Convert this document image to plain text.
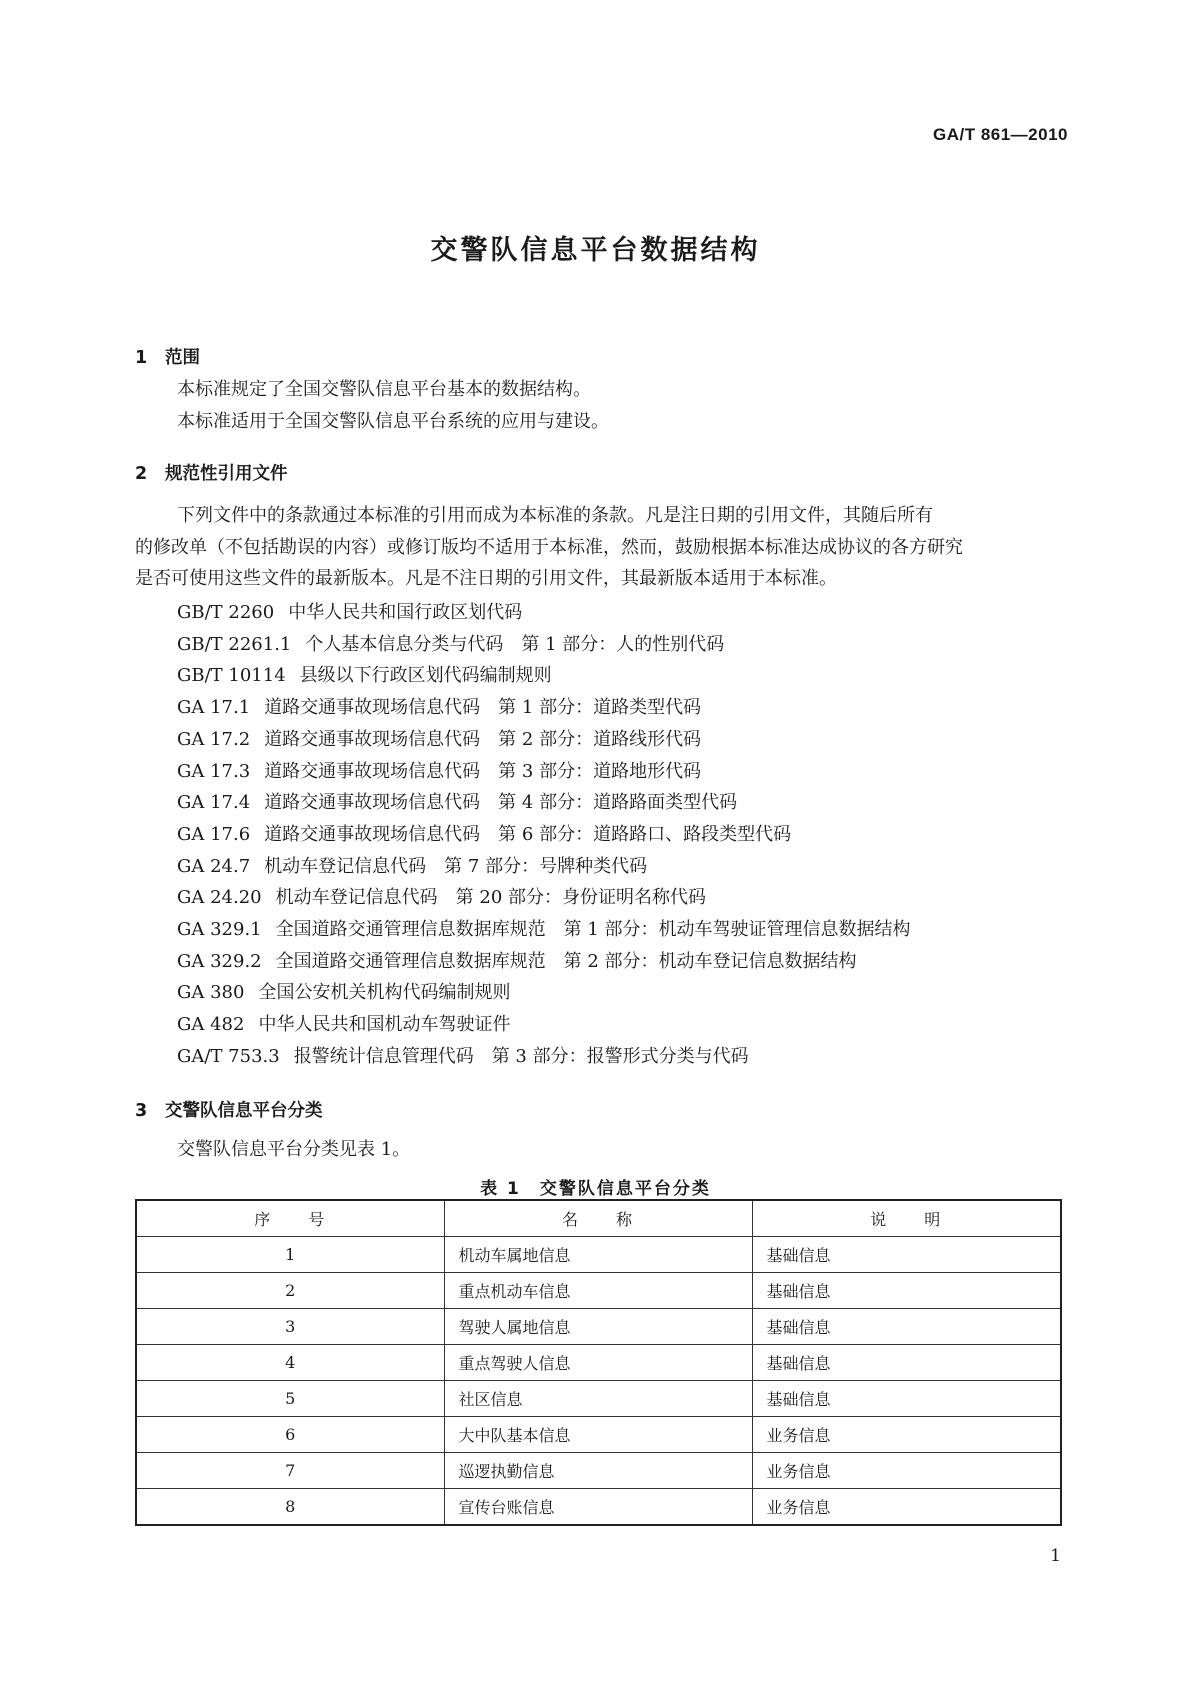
GA/T 861—2010
交警队信息平台数据结构
1 范围
本标准规定了全国交警队信息平台基本的数据结构。
本标准适用于全国交警队信息平台系统的应用与建设。
2 规范性引用文件
下列文件中的条款通过本标准的引用而成为本标准的条款。凡是注日期的引用文件，其随后所有
的修改单（不包括勘误的内容）或修订版均不适用于本标准，然而，鼓励根据本标准达成协议的各方研究
是否可使用这些文件的最新版本。凡是不注日期的引用文件，其最新版本适用于本标准。
GB/T 2260 中华人民共和国行政区划代码
GB/T 2261.1 个人基本信息分类与代码　第 1 部分：人的性别代码
GB/T 10114 县级以下行政区划代码编制规则
GA 17.1 道路交通事故现场信息代码　第 1 部分：道路类型代码
GA 17.2 道路交通事故现场信息代码　第 2 部分：道路线形代码
GA 17.3 道路交通事故现场信息代码　第 3 部分：道路地形代码
GA 17.4 道路交通事故现场信息代码　第 4 部分：道路路面类型代码
GA 17.6 道路交通事故现场信息代码　第 6 部分：道路路口、路段类型代码
GA 24.7 机动车登记信息代码　第 7 部分：号牌种类代码
GA 24.20 机动车登记信息代码　第 20 部分：身份证明名称代码
GA 329.1 全国道路交通管理信息数据库规范　第 1 部分：机动车驾驶证管理信息数据结构
GA 329.2 全国道路交通管理信息数据库规范　第 2 部分：机动车登记信息数据结构
GA 380 全国公安机关机构代码编制规则
GA 482 中华人民共和国机动车驾驶证件
GA/T 753.3 报警统计信息管理代码　第 3 部分：报警形式分类与代码
3 交警队信息平台分类
交警队信息平台分类见表 1。
表 1　交警队信息平台分类
序　　号	名　　称	说　　明
1	机动车属地信息	基础信息
2	重点机动车信息	基础信息
3	驾驶人属地信息	基础信息
4	重点驾驶人信息	基础信息
5	社区信息	基础信息
6	大中队基本信息	业务信息
7	巡逻执勤信息	业务信息
8	宣传台账信息	业务信息
1
